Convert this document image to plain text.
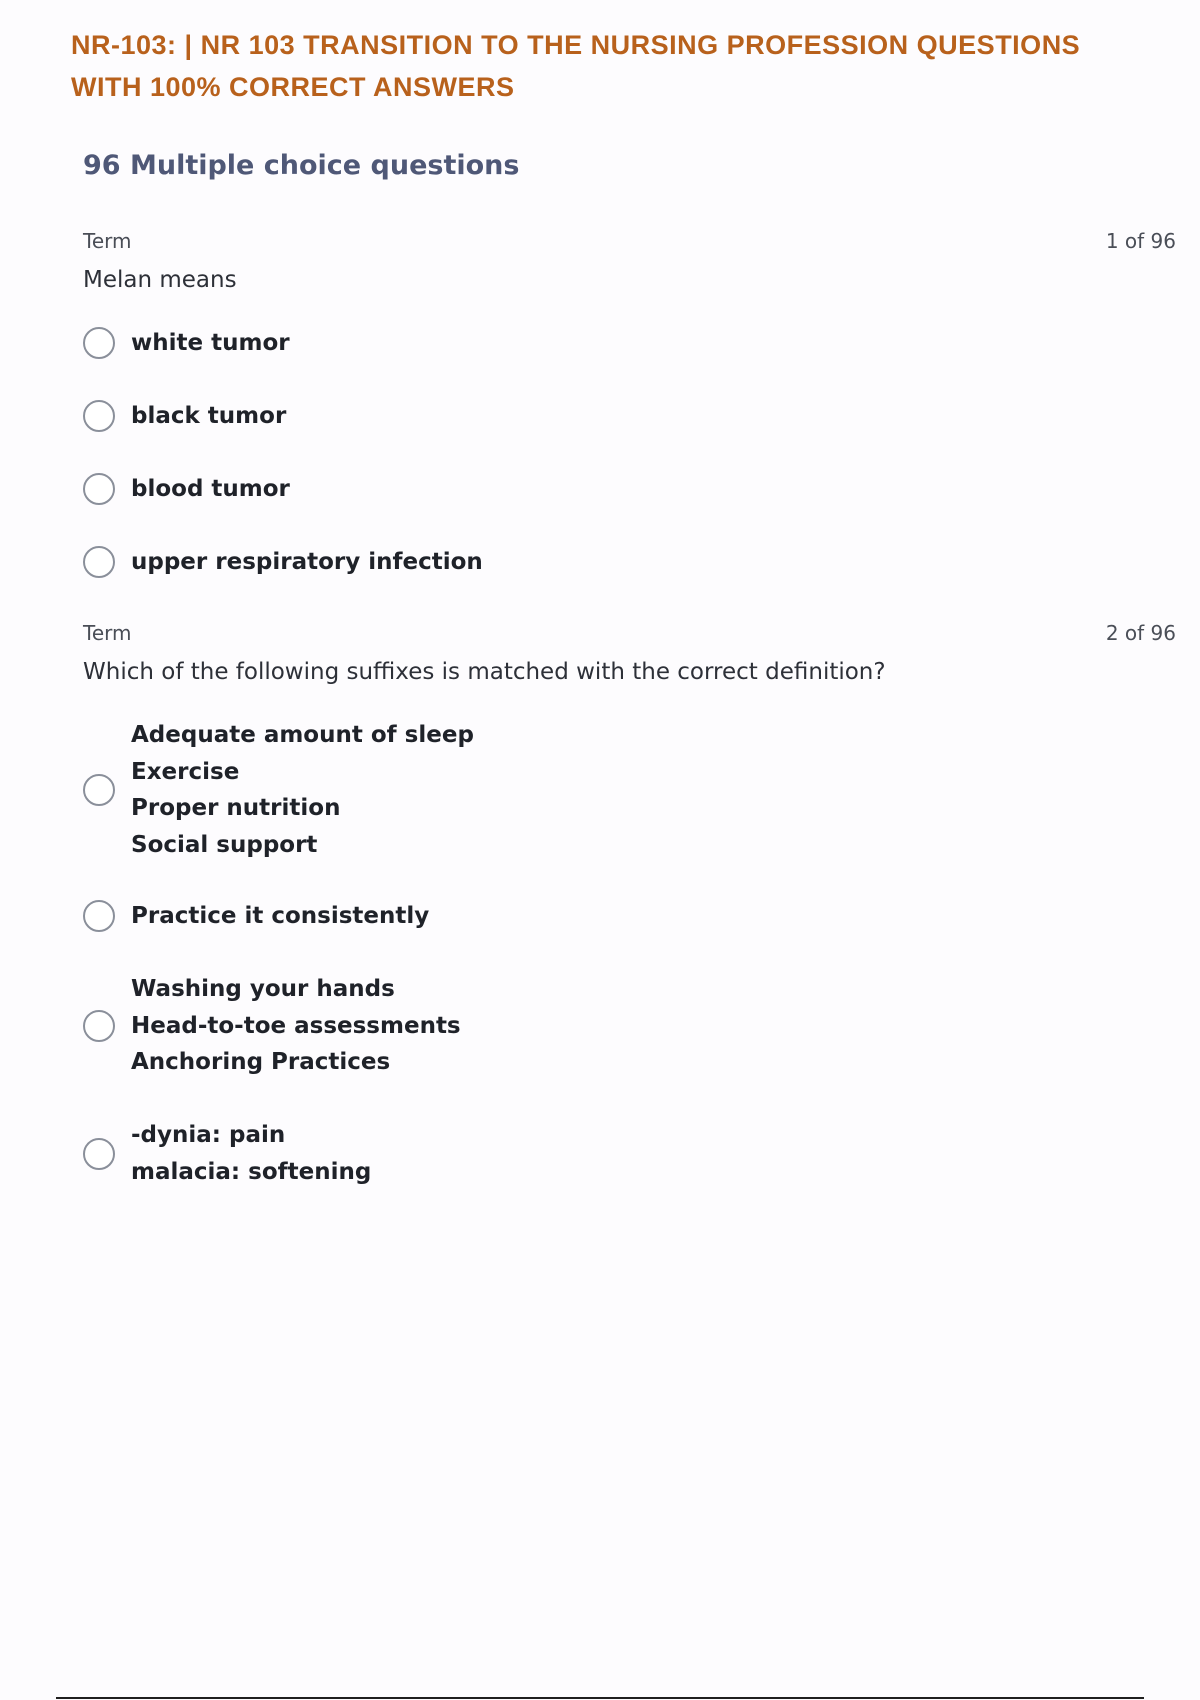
NR-103: | NR 103 TRANSITION TO THE NURSING PROFESSION QUESTIONS
WITH 100% CORRECT ANSWERS
96 Multiple choice questions
Term	1 of 96
Melan means
white tumor
black tumor
blood tumor
upper respiratory infection
Term	2 of 96
Which of the following suffixes is matched with the correct definition?
Adequate amount of sleep
Exercise
Proper nutrition
Social support
Practice it consistently
Washing your hands
Head-to-toe assessments
Anchoring Practices
-dynia: pain
malacia: softening
